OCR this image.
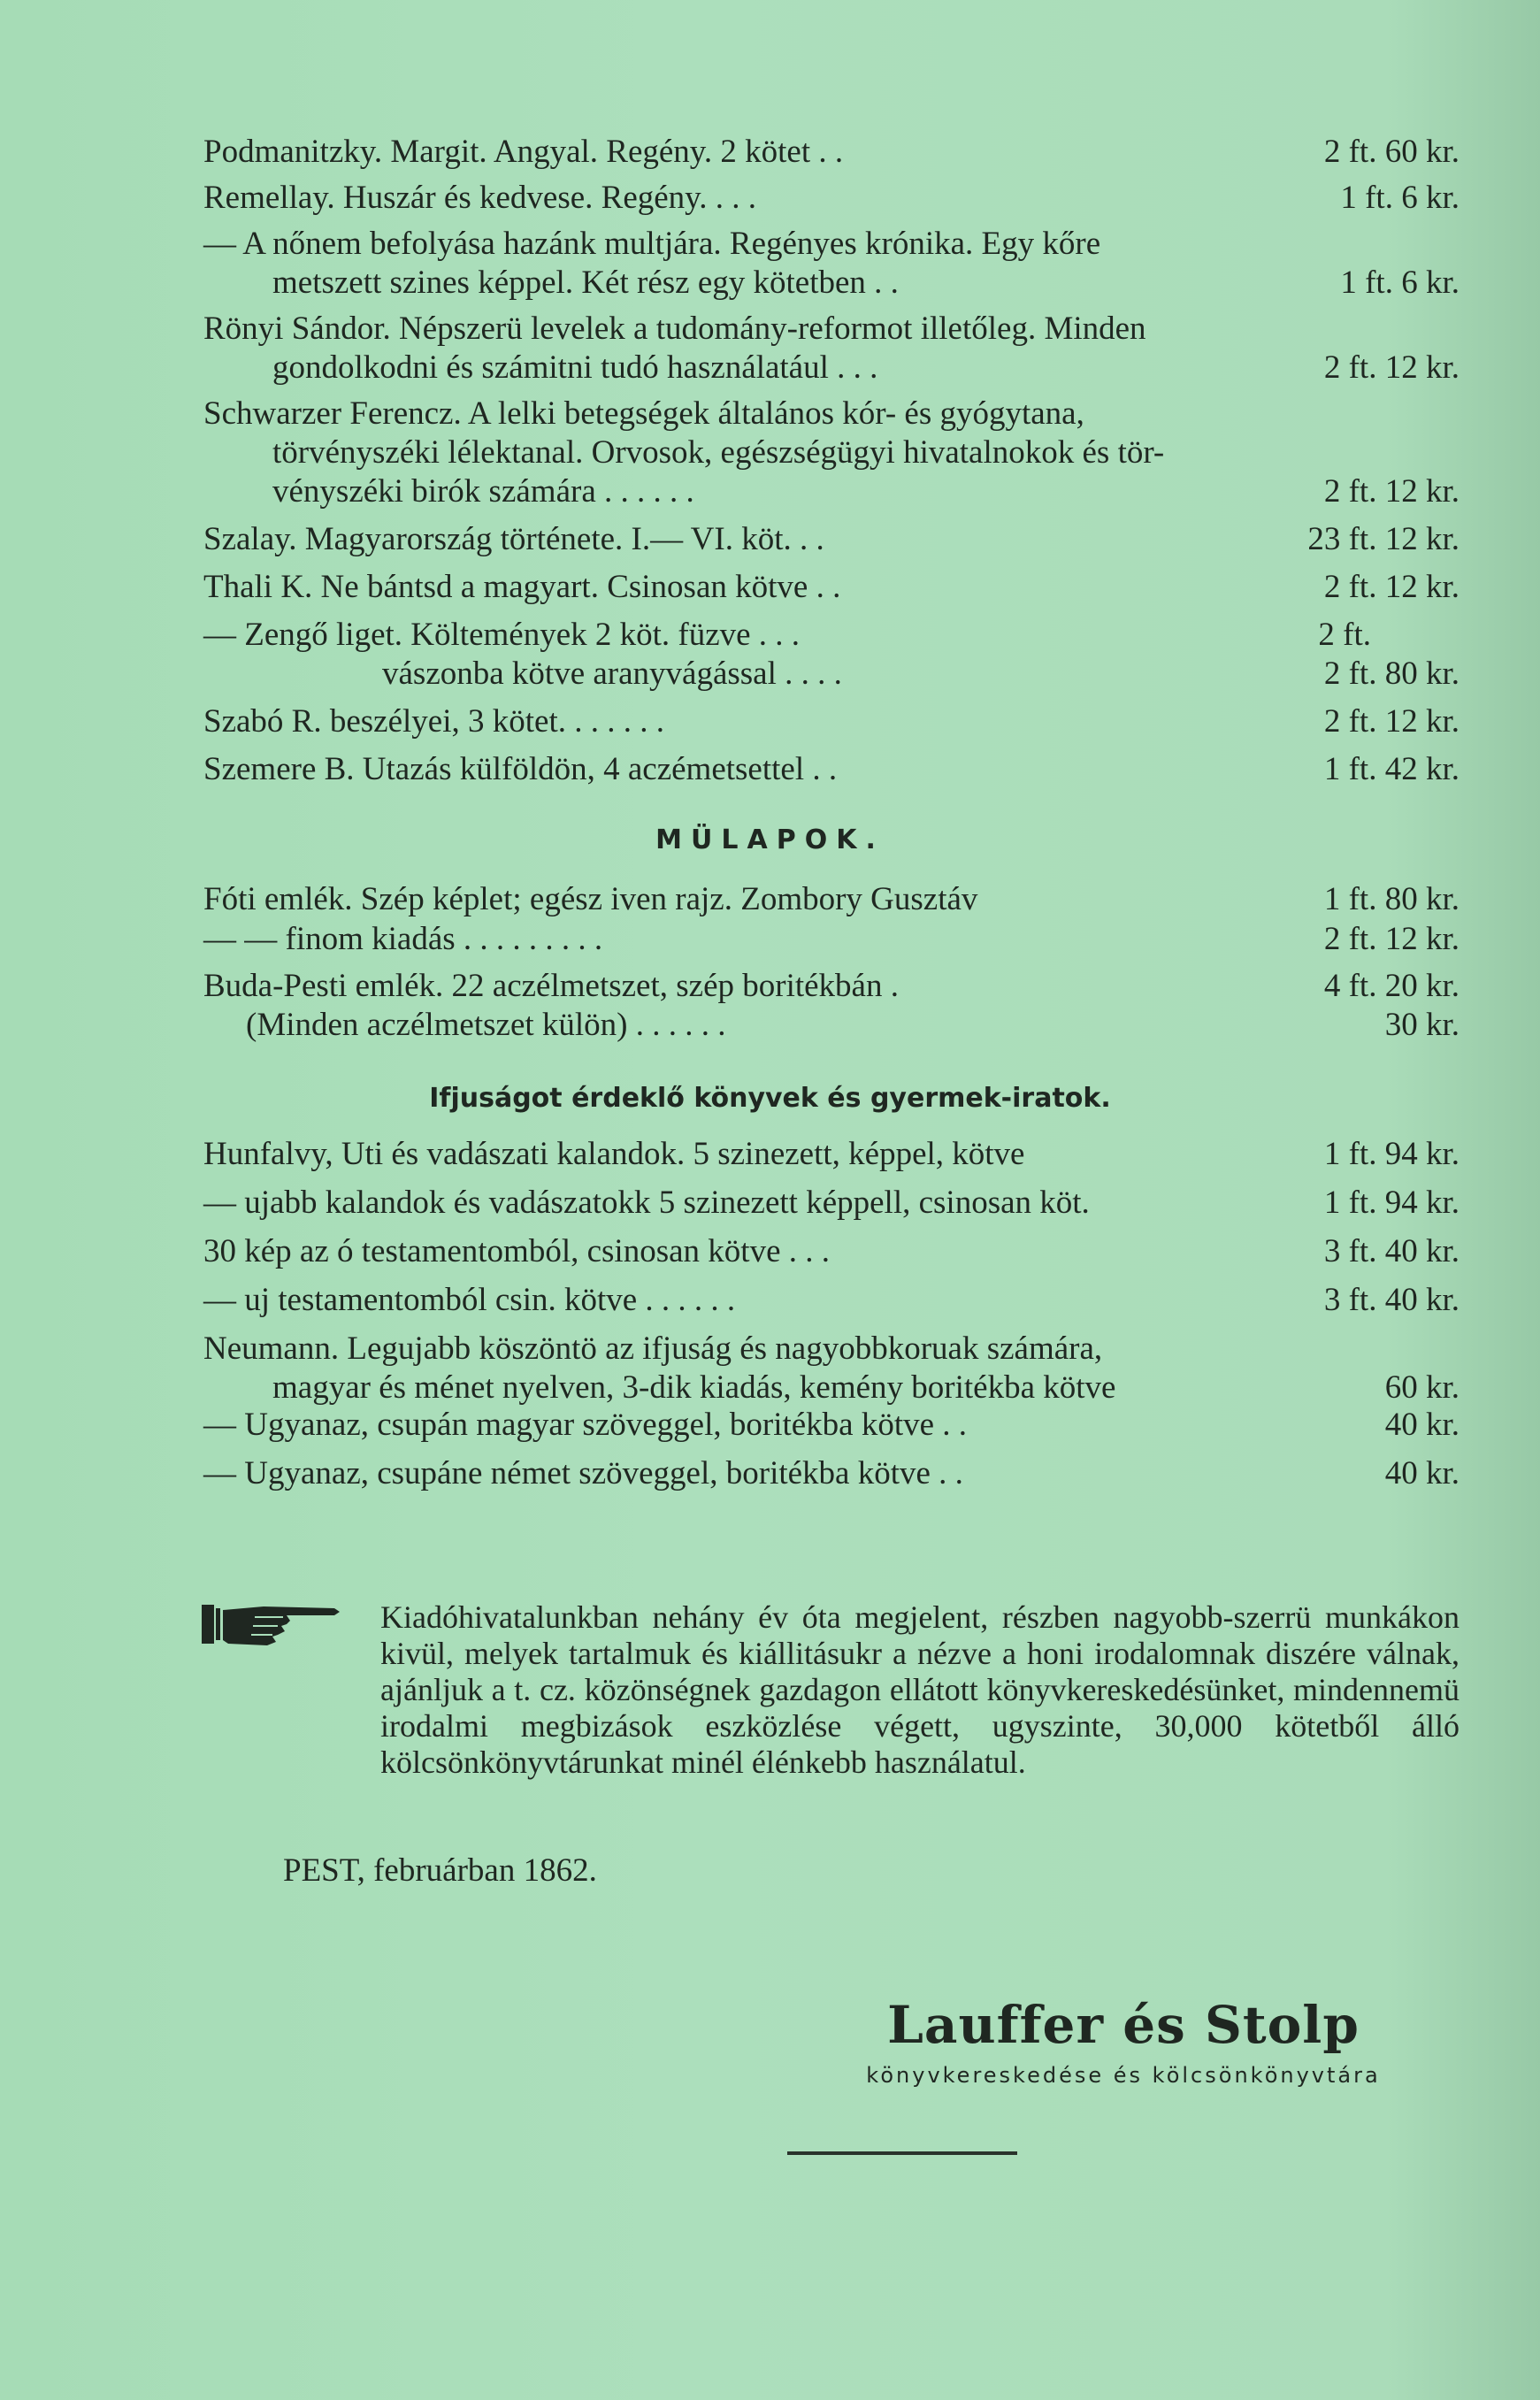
Podmanitzky. Margit. Angyal. Regény. 2 kötet . .	2 ft. 60 kr.
Remellay. Huszár és kedvese. Regény. . . .	1 ft. 6 kr.
— A nőnem befolyása hazánk multjára. Regényes krónika. Egy kőre
metszett szines képpel. Két rész egy kötetben . .	1 ft. 6 kr.
Rönyi Sándor. Népszerü levelek a tudomány-reformot illetőleg. Minden
gondolkodni és számitni tudó használatául . . .	2 ft. 12 kr.
Schwarzer Ferencz. A lelki betegségek általános kór- és gyógytana,
törvényszéki lélektanal. Orvosok, egészségügyi hivatalnokok és tör-
vényszéki birók számára . . . . . .	2 ft. 12 kr.
Szalay. Magyarország története. I.— VI. köt. . .	23 ft. 12 kr.
Thali K. Ne bántsd a magyart. Csinosan kötve . .	2 ft. 12 kr.
— Zengő liget. Költemények 2 köt. füzve . . .	2 ft.
vászonba kötve aranyvágással . . . .	2 ft. 80 kr.
Szabó R. beszélyei, 3 kötet. . . . . . .	2 ft. 12 kr.
Szemere B. Utazás külföldön, 4 aczémetsettel . .	1 ft. 42 kr.
MÜLAPOK.
Fóti emlék. Szép képlet; egész iven rajz. Zombory Gusztáv	1 ft. 80 kr.
— — finom kiadás . . . . . . . . .	2 ft. 12 kr.
Buda-Pesti emlék. 22 aczélmetszet, szép boritékbán .	4 ft. 20 kr.
(Minden aczélmetszet külön) . . . . . .	30 kr.
Ifjuságot érdeklő könyvek és gyermek-iratok.
Hunfalvy, Uti és vadászati kalandok. 5 szinezett, képpel, kötve	1 ft. 94 kr.
— ujabb kalandok és vadászatokk 5 szinezett képpell, csinosan köt.	1 ft. 94 kr.
30 kép az ó testamentomból, csinosan kötve . . .	3 ft. 40 kr.
— uj testamentomból csin. kötve . . . . . .	3 ft. 40 kr.
Neumann. Legujabb köszöntö az ifjuság és nagyobbkoruak számára,
magyar és ménet nyelven, 3-dik kiadás, kemény boritékba kötve	60 kr.
— Ugyanaz, csupán magyar szöveggel, boritékba kötve . .	40 kr.
— Ugyanaz, csupáne német szöveggel, boritékba kötve . .	40 kr.
Kiadóhivatalunkban nehány év óta megjelent, részben nagyobb-szerrü munkákon kivül, melyek tartalmuk és kiállitásukr a nézve a honi irodalomnak diszére válnak, ajánljuk a t. cz. közönségnek gazdagon ellátott könyvkereskedésünket, mindennemü irodalmi megbizások eszközlése végett, ugyszinte, 30,000 kötetből álló kölcsönkönyvtárunkat minél élénkebb használatul.
PEST, februárban 1862.
Lauffer és Stolp
könyvkereskedése és kölcsönkönyvtára
